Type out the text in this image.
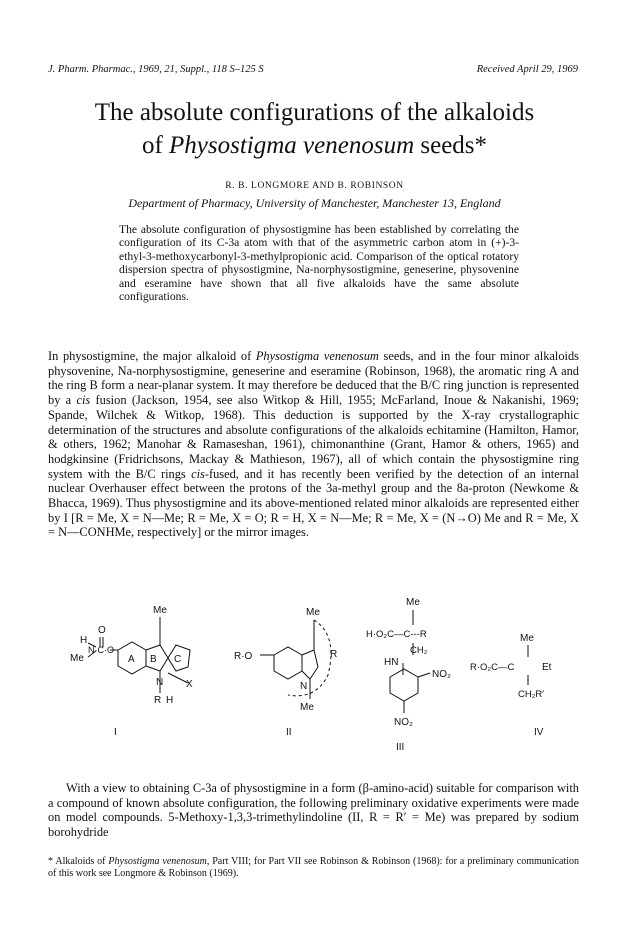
J. Pharm. Pharmac., 1969, 21, Suppl., 118 S–125 S	Received April 29, 1969
The absolute configurations of the alkaloids
of Physostigma venenosum seeds*
R. B. LONGMORE AND B. ROBINSON
Department of Pharmacy, University of Manchester, Manchester 13, England
The absolute configuration of physostigmine has been established by correlating the configuration of its C-3a atom with that of the asymmetric carbon atom in (+)-3-ethyl-3-methoxycarbonyl-3-methylpropionic acid. Comparison of the optical rotatory dispersion spectra of physostigmine, Na-norphysostigmine, geneserine, physovenine and eseramine have shown that all five alkaloids have the same absolute configurations.

In physostigmine, the major alkaloid of Physostigma venenosum seeds, and in the four minor alkaloids physovenine, Na-norphysostigmine, geneserine and eseramine (Robinson, 1968), the aromatic ring A and the ring B form a near-planar system. It may therefore be deduced that the B/C ring junction is represented by a cis fusion (Jackson, 1954, see also Witkop & Hill, 1955; McFarland, Inoue & Nakanishi, 1969; Spande, Wilchek & Witkop, 1968). This deduction is supported by the X-ray crystallographic determination of the structures and absolute configurations of the alkaloids echitamine (Hamilton, Hamor, & others, 1962; Manohar & Ramaseshan, 1961), chimonanthine (Grant, Hamor & others, 1965) and hodgkinsine (Fridrichsons, Mackay & Mathieson, 1967), all of which contain the physostigmine ring system with the B/C rings cis-fused, and it has recently been verified by the detection of an internal nuclear Overhauser effect between the protons of the 3a-methyl group and the 8a-proton (Newkome & Bhacca, 1969). Thus physostigmine and its above-mentioned related minor alkaloids are represented either by I [R = Me, X = N—Me; R = Me, X = O; R = H, X = N—Me; R = Me, X = (N→O) Me and R = Me, X = N—CONHMe, respectively] or the mirror images.

O
H
Me
N·C·O
Me
A B C
N X
R H
R·O
Me
R
N
Me
Me
H·O₂C—C---R
CH₂
HN
NO₂
NO₂
Me
R·O₂C—C	Et
CH₂R′
I	II
III
IV

With a view to obtaining C-3a of physostigmine in a form (β-amino-acid) suitable for comparison with a compound of known absolute configuration, the following preliminary oxidative experiments were made on model compounds. 5-Methoxy-1,3,3-trimethylindoline (II, R = R′ = Me) was prepared by sodium borohydride

* Alkaloids of Physostigma venenosum, Part VIII; for Part VII see Robinson & Robinson (1968): for a preliminary communication of this work see Longmore & Robinson (1969).
